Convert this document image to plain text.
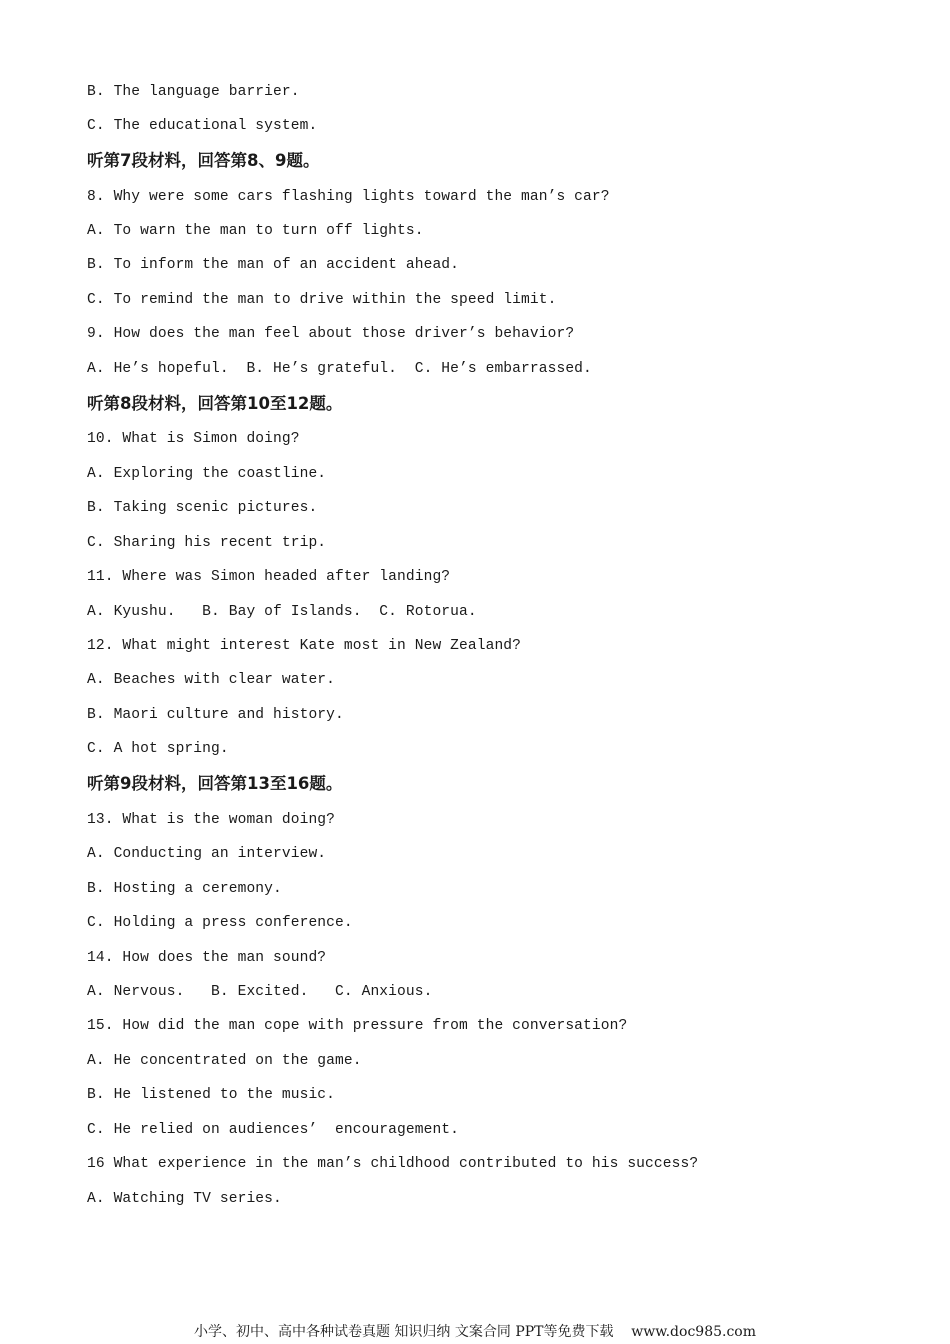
B. The language barrier.
C. The educational system.
听第7段材料，回答第8、9题。
8. Why were some cars flashing lights toward the man’s car?
A. To warn the man to turn off lights.
B. To inform the man of an accident ahead.
C. To remind the man to drive within the speed limit.
9. How does the man feel about those driver’s behavior?
A. He’s hopeful.  B. He’s grateful.  C. He’s embarrassed.
听第8段材料，回答第10至12题。
10. What is Simon doing?
A. Exploring the coastline.
B. Taking scenic pictures.
C. Sharing his recent trip.
11. Where was Simon headed after landing?
A. Kyushu.   B. Bay of Islands.  C. Rotorua.
12. What might interest Kate most in New Zealand?
A. Beaches with clear water.
B. Maori culture and history.
C. A hot spring.
听第9段材料，回答第13至16题。
13. What is the woman doing?
A. Conducting an interview.
B. Hosting a ceremony.
C. Holding a press conference.
14. How does the man sound?
A. Nervous.   B. Excited.   C. Anxious.
15. How did the man cope with pressure from the conversation?
A. He concentrated on the game.
B. He listened to the music.
C. He relied on audiences’  encouragement.
16 What experience in the man’s childhood contributed to his success?
A. Watching TV series.
小学、初中、高中各种试卷真题 知识归纳 文案合同 PPT等免费下载    www.doc985.com
